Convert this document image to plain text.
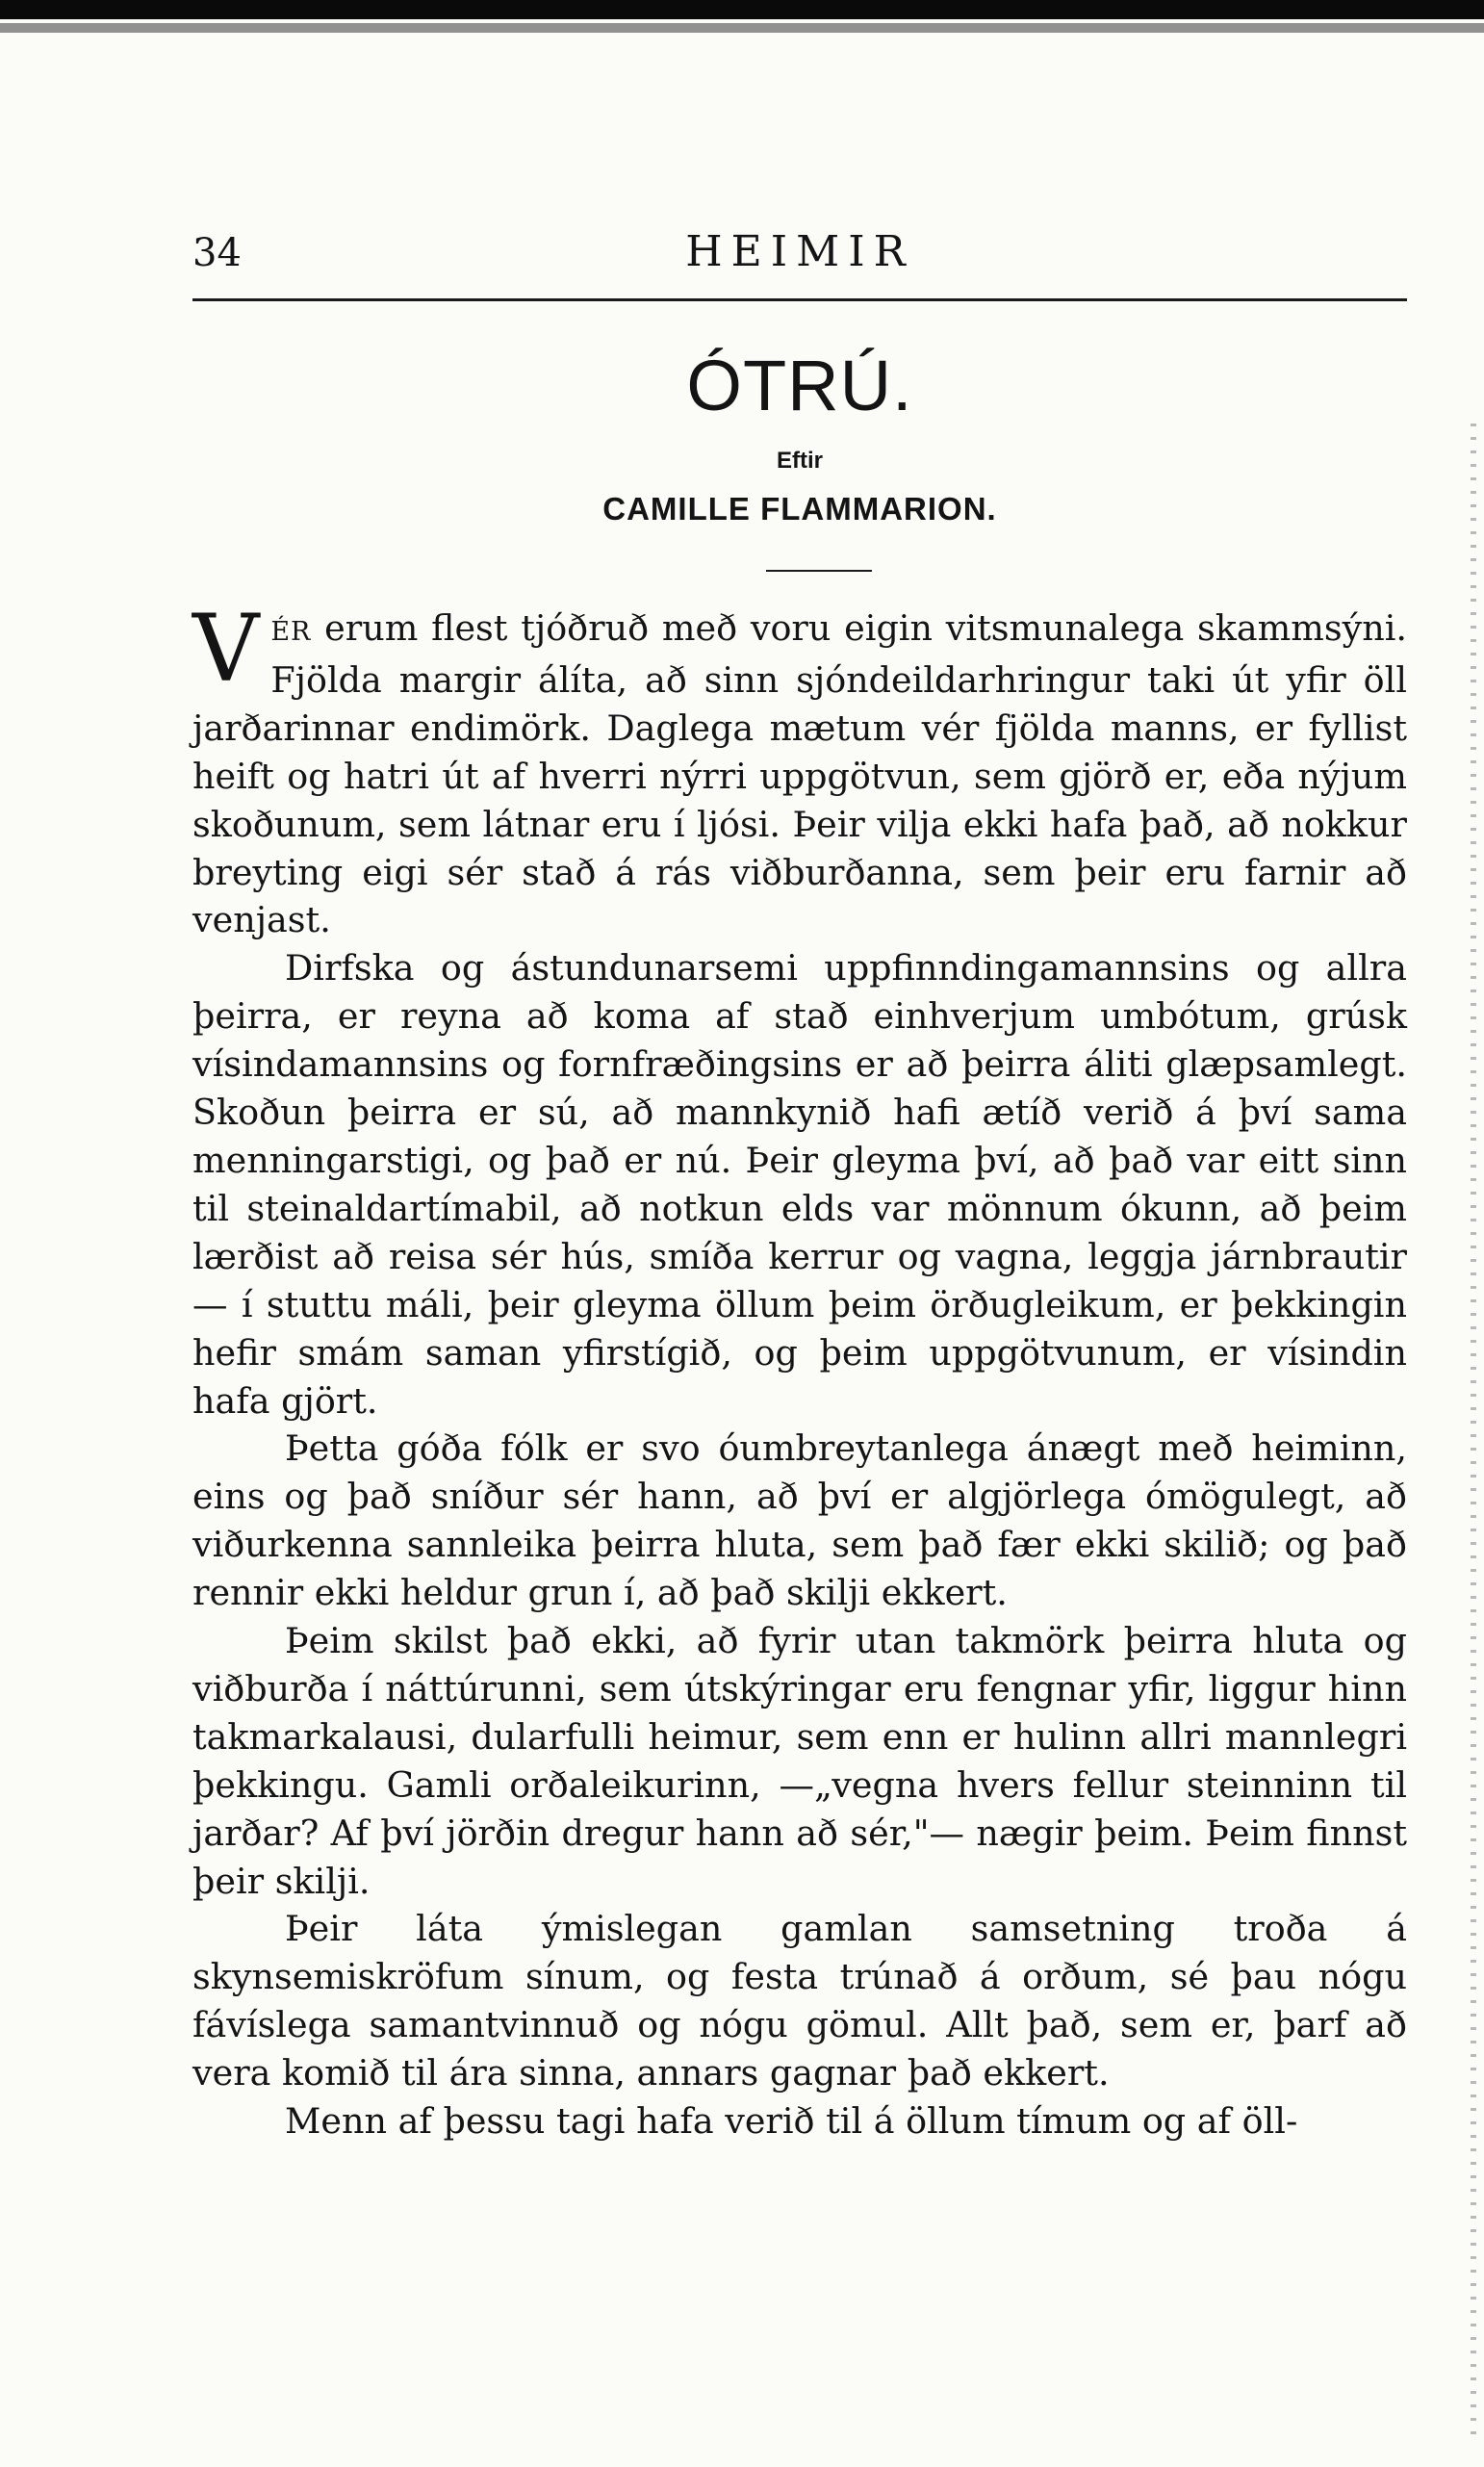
34	HEIMIR
ÓTRÚ.
Eftir
CAMILLE FLAMMARION.

VÉR erum flest tjóðruð með voru eigin vitsmunalega skammsýni. Fjölda margir álíta, að sinn sjóndeildarhringur taki út yfir öll jarðarinnar endimörk. Daglega mætum vér fjölda manns, er fyllist heift og hatri út af hverri nýrri uppgötvun, sem gjörð er, eða nýjum skoðunum, sem látnar eru í ljósi. Þeir vilja ekki hafa það, að nokkur breyting eigi sér stað á rás viðburðanna, sem þeir eru farnir að venjast.

Dirfska og ástundunarsemi uppfinndingamannsins og allra þeirra, er reyna að koma af stað einhverjum umbótum, grúsk vísindamannsins og fornfræðingsins er að þeirra áliti glæpsamlegt. Skoðun þeirra er sú, að mannkynið hafi ætíð verið á því sama menningarstigi, og það er nú. Þeir gleyma því, að það var eitt sinn til steinaldartímabil, að notkun elds var mönnum ókunn, að þeim lærðist að reisa sér hús, smíða kerrur og vagna, leggja járnbrautir — í stuttu máli, þeir gleyma öllum þeim örðugleikum, er þekkingin hefir smám saman yfirstígið, og þeim uppgötvunum, er vísindin hafa gjört.

Þetta góða fólk er svo óumbreytanlega ánægt með heiminn, eins og það sníður sér hann, að því er algjörlega ómögulegt, að viðurkenna sannleika þeirra hluta, sem það fær ekki skilið; og það rennir ekki heldur grun í, að það skilji ekkert.

Þeim skilst það ekki, að fyrir utan takmörk þeirra hluta og viðburða í náttúrunni, sem útskýringar eru fengnar yfir, liggur hinn takmarkalausi, dularfulli heimur, sem enn er hulinn allri mannlegri þekkingu. Gamli orðaleikurinn, —„vegna hvers fellur steinninn til jarðar? Af því jörðin dregur hann að sér,"— nægir þeim. Þeim finnst þeir skilji.

Þeir láta ýmislegan gamlan samsetning troða á skynsemiskröfum sínum, og festa trúnað á orðum, sé þau nógu fávíslega samantvinnuð og nógu gömul. Allt það, sem er, þarf að vera komið til ára sinna, annars gagnar það ekkert.

Menn af þessu tagi hafa verið til á öllum tímum og af öll-
